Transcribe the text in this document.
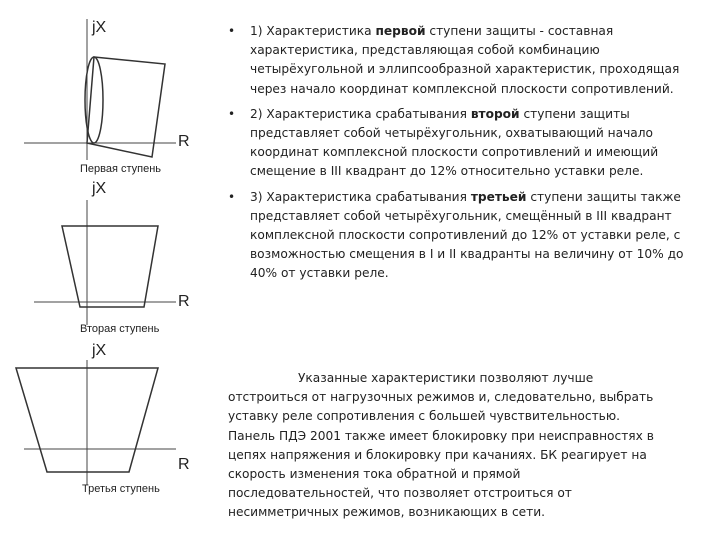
jX
R
Первая ступень
jX
R
Вторая ступень
jX
R
Третья ступень
• 1) Характеристика первой ступени защиты - составная характеристика, представляющая собой комбинацию четырёхугольной и эллипсообразной характеристик, проходящая через начало координат комплексной плоскости сопротивлений.
• 2) Характеристика срабатывания второй ступени защиты представляет собой четырёхугольник, охватывающий начало координат комплексной плоскости сопротивлений и имеющий смещение в III квадрант до 12% относительно уставки реле.
• 3) Характеристика срабатывания третьей ступени защиты также представляет собой четырёхугольник, смещённый в III квадрант комплексной плоскости сопротивлений до 12% от уставки реле, с возможностью смещения в I и II квадранты на величину от 10% до 40% от уставки реле.

Указанные характеристики позволяют лучше отстроиться от нагрузочных режимов и, следовательно, выбрать уставку реле сопротивления с большей чувствительностью. Панель ПДЭ 2001 также имеет блокировку при неисправностях в цепях напряжения и блокировку при качаниях. БК реагирует на скорость изменения тока обратной и прямой последовательностей, что позволяет отстроиться от несимметричных режимов, возникающих в сети.
